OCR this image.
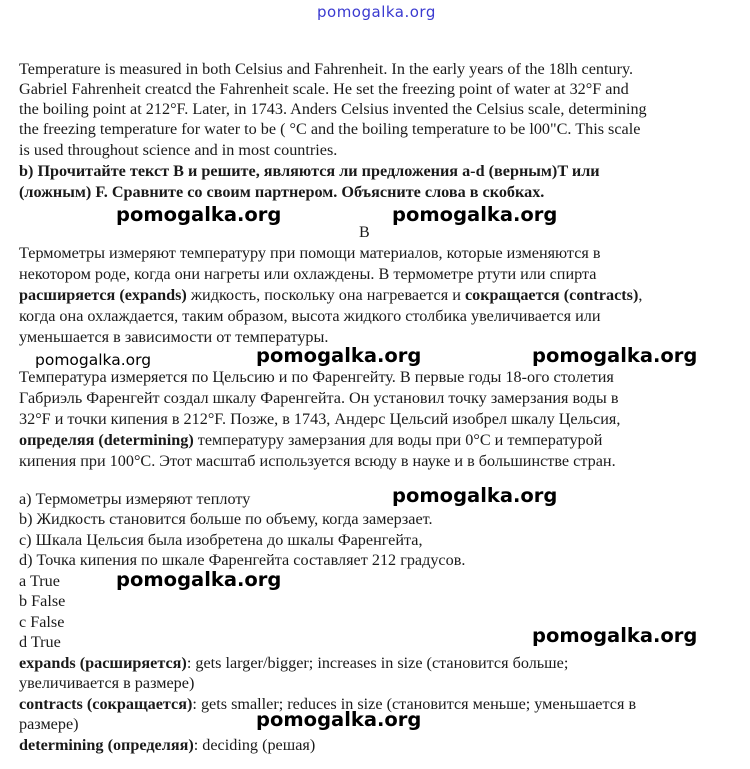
pomogalka.org
pomogalka.org	pomogalka.org
pomogalka.org	pomogalka.org	pomogalka.org
pomogalka.org
pomogalka.org
pomogalka.org
pomogalka.org
Temperature is measured in both Celsius and Fahrenheit. In the early years of the 18lh century.
Gabriel Fahrenheit creatcd the Fahrenheit scale. He set the freezing point of water at 32°F and
the boiling point at 212°F. Later, in 1743. Anders Celsius invented the Celsius scale, determining
the freezing temperature for water to be ( °C and the boiling temperature to be l00"C. This scale
is used throughout science and in most countries.
b) Прочитайте текст В и решите, являются ли предложения a-d (верным)T или
(ложным) F. Сравните со своим партнером. Объясните слова в скобках.
В
Термометры измеряют температуру при помощи материалов, которые изменяются в
некотором роде, когда они нагреты или охлаждены. В термометре ртути или спирта
расширяется (expands) жидкость, поскольку она нагревается и сокращается (contracts),
когда она охлаждается, таким образом, высота жидкого столбика увеличивается или
уменьшается в зависимости от температуры.
Температура измеряется по Цельсию и по Фаренгейту. В первые годы 18-ого столетия
Габриэль Фаренгейт создал шкалу Фаренгейта. Он установил точку замерзания воды в
32°F и точки кипения в 212°F. Позже, в 1743, Андерс Цельсий изобрел шкалу Цельсия,
определяя (determining) температуру замерзания для воды при 0°C и температурой
кипения при 100°C. Этот масштаб используется всюду в науке и в большинстве стран.
а) Термометры измеряют теплоту
b) Жидкость становится больше по объему, когда замерзает.
c) Шкала Цельсия была изобретена до шкалы Фаренгейта,
d) Точка кипения по шкале Фаренгейта составляет 212 градусов.
a True
b False
c False
d True
expands (расширяется): gets larger/bigger; increases in size (становится больше;
увеличивается в размере)
contracts (сокращается): gets smaller; reduces in size (становится меньше; уменьшается в
размере)
determining (определяя): deciding (решая)
